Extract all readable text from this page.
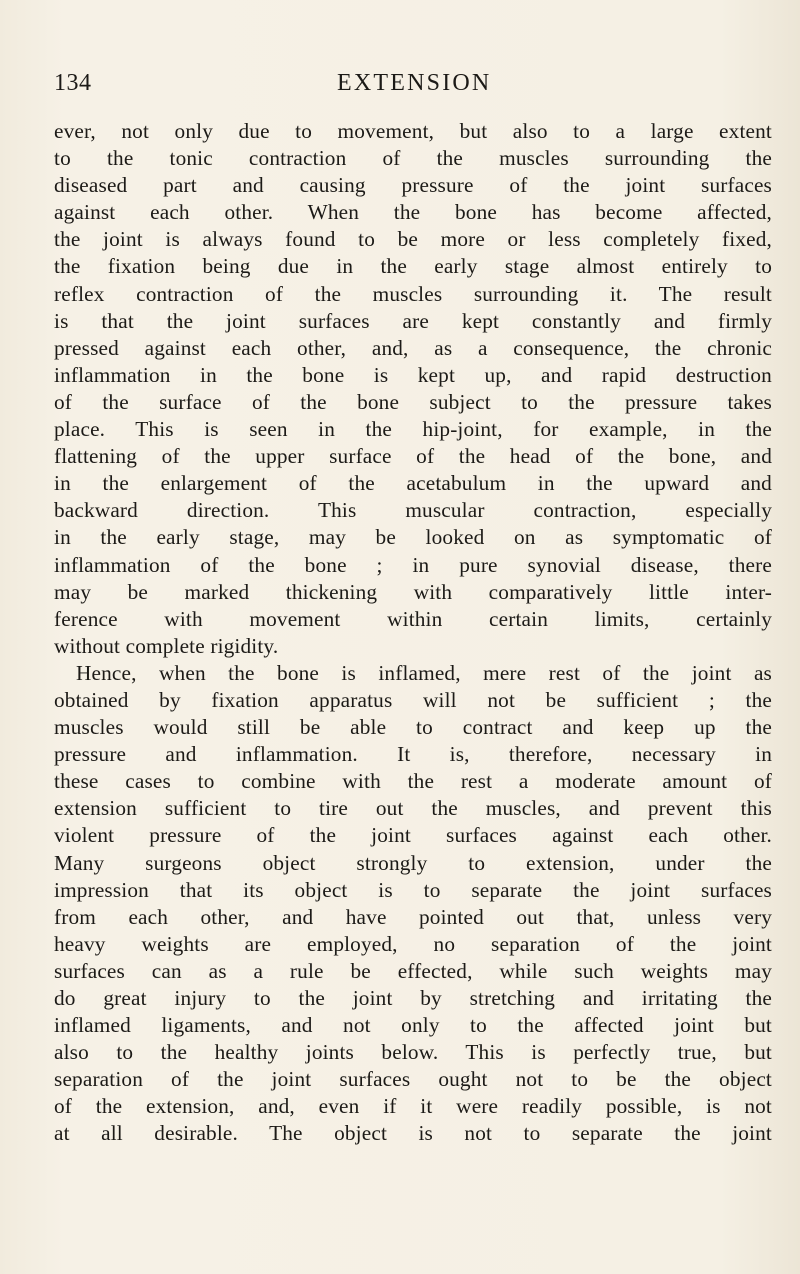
134	EXTENSION
ever, not only due to movement, but also to a large extent
to the tonic contraction of the muscles surrounding the
diseased part and causing pressure of the joint surfaces
against each other. When the bone has become affected,
the joint is always found to be more or less completely fixed,
the fixation being due in the early stage almost entirely to
reflex contraction of the muscles surrounding it. The result
is that the joint surfaces are kept constantly and firmly
pressed against each other, and, as a consequence, the chronic
inflammation in the bone is kept up, and rapid destruction
of the surface of the bone subject to the pressure takes
place. This is seen in the hip-joint, for example, in the
flattening of the upper surface of the head of the bone, and
in the enlargement of the acetabulum in the upward and
backward direction. This muscular contraction, especially
in the early stage, may be looked on as symptomatic of
inflammation of the bone ; in pure synovial disease, there
may be marked thickening with comparatively little inter-
ference with movement within certain limits, certainly
without complete rigidity.
Hence, when the bone is inflamed, mere rest of the joint as
obtained by fixation apparatus will not be sufficient ; the
muscles would still be able to contract and keep up the
pressure and inflammation. It is, therefore, necessary in
these cases to combine with the rest a moderate amount of
extension sufficient to tire out the muscles, and prevent this
violent pressure of the joint surfaces against each other.
Many surgeons object strongly to extension, under the
impression that its object is to separate the joint surfaces
from each other, and have pointed out that, unless very
heavy weights are employed, no separation of the joint
surfaces can as a rule be effected, while such weights may
do great injury to the joint by stretching and irritating the
inflamed ligaments, and not only to the affected joint but
also to the healthy joints below. This is perfectly true, but
separation of the joint surfaces ought not to be the object
of the extension, and, even if it were readily possible, is not
at all desirable. The object is not to separate the joint
